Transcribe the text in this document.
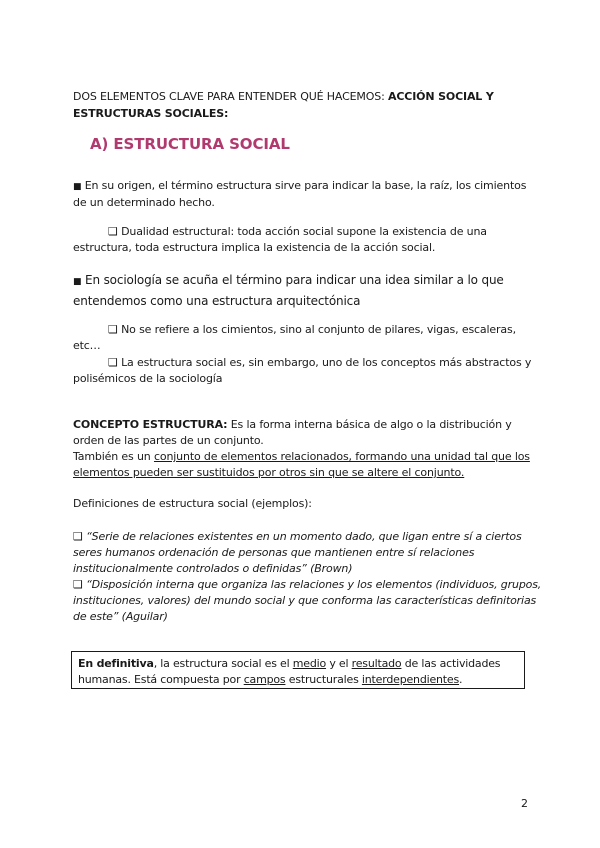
DOS ELEMENTOS CLAVE PARA ENTENDER QUÉ HACEMOS: ACCIÓN SOCIAL Y ESTRUCTURAS SOCIALES:
A) ESTRUCTURA SOCIAL
■ En su origen, el término estructura sirve para indicar la base, la raíz, los cimientos de un determinado hecho.
❑ Dualidad estructural: toda acción social supone la existencia de una estructura, toda estructura implica la existencia de la acción social.
■ En sociología se acuña el término para indicar una idea similar a lo que entendemos como una estructura arquitectónica
❑ No se refiere a los cimientos, sino al conjunto de pilares, vigas, escaleras, etc…
❑ La estructura social es, sin embargo, uno de los conceptos más abstractos y polisémicos de la sociología
CONCEPTO ESTRUCTURA: Es la forma interna básica de algo o la distribución y orden de las partes de un conjunto.
También es un conjunto de elementos relacionados, formando una unidad tal que los elementos pueden ser sustituidos por otros sin que se altere el conjunto.
Definiciones de estructura social (ejemplos):
❑ “Serie de relaciones existentes en un momento dado, que ligan entre sí a ciertos seres humanos ordenación de personas que mantienen entre sí relaciones institucionalmente controlados o definidas” (Brown)
❑ “Disposición interna que organiza las relaciones y los elementos (individuos, grupos, instituciones, valores) del mundo social y que conforma las características definitorias de este” (Aguilar)
En definitiva, la estructura social es el medio y el resultado de las actividades humanas. Está compuesta por campos estructurales interdependientes.
2
